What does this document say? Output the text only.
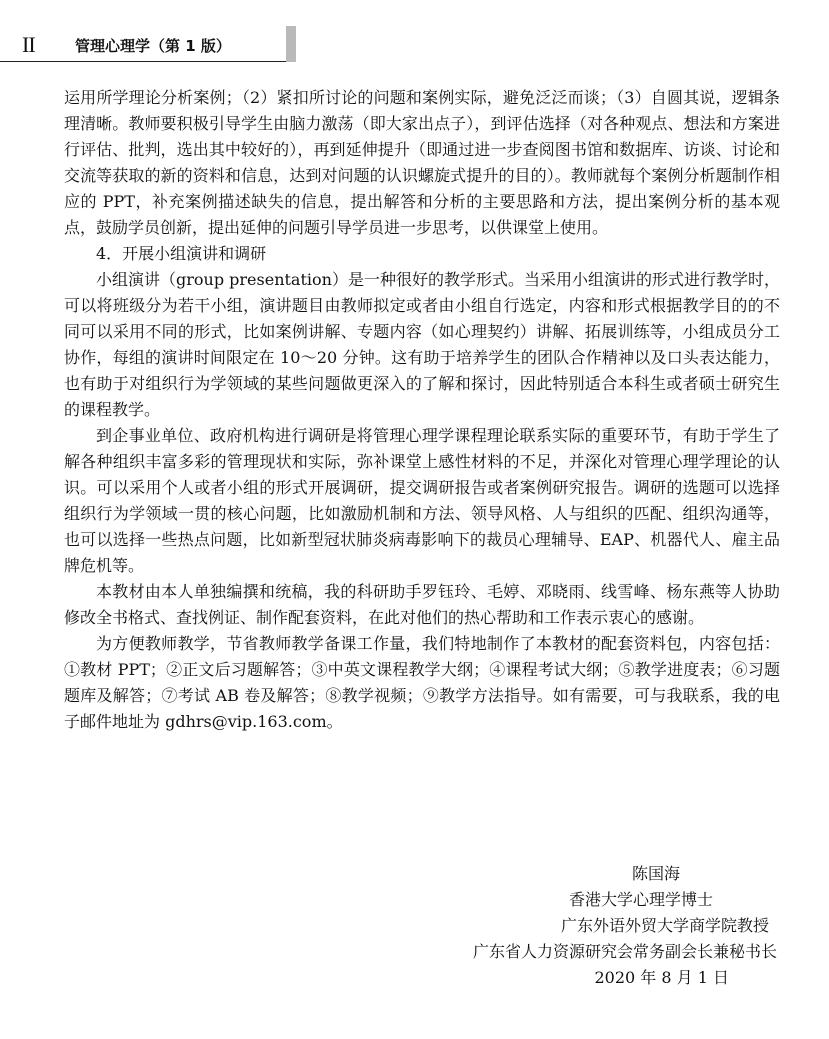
II	管理心理学（第 1 版）

运用所学理论分析案例；（2）紧扣所讨论的问题和案例实际，避免泛泛而谈；（3）自圆其说，逻辑条理清晰。教师要积极引导学生由脑力激荡（即大家出点子），到评估选择（对各种观点、想法和方案进行评估、批判，选出其中较好的），再到延伸提升（即通过进一步查阅图书馆和数据库、访谈、讨论和交流等获取的新的资料和信息，达到对问题的认识螺旋式提升的目的）。教师就每个案例分析题制作相应的 PPT，补充案例描述缺失的信息，提出解答和分析的主要思路和方法，提出案例分析的基本观点，鼓励学员创新，提出延伸的问题引导学员进一步思考，以供课堂上使用。

4．开展小组演讲和调研

小组演讲（group presentation）是一种很好的教学形式。当采用小组演讲的形式进行教学时，可以将班级分为若干小组，演讲题目由教师拟定或者由小组自行选定，内容和形式根据教学目的的不同可以采用不同的形式，比如案例讲解、专题内容（如心理契约）讲解、拓展训练等，小组成员分工协作，每组的演讲时间限定在 10～20 分钟。这有助于培养学生的团队合作精神以及口头表达能力，也有助于对组织行为学领域的某些问题做更深入的了解和探讨，因此特别适合本科生或者硕士研究生的课程教学。

到企事业单位、政府机构进行调研是将管理心理学课程理论联系实际的重要环节，有助于学生了解各种组织丰富多彩的管理现状和实际，弥补课堂上感性材料的不足，并深化对管理心理学理论的认识。可以采用个人或者小组的形式开展调研，提交调研报告或者案例研究报告。调研的选题可以选择组织行为学领域一贯的核心问题，比如激励机制和方法、领导风格、人与组织的匹配、组织沟通等，也可以选择一些热点问题，比如新型冠状肺炎病毒影响下的裁员心理辅导、EAP、机器代人、雇主品牌危机等。

本教材由本人单独编撰和统稿，我的科研助手罗钰玲、毛婷、邓晓雨、线雪峰、杨东燕等人协助修改全书格式、查找例证、制作配套资料，在此对他们的热心帮助和工作表示衷心的感谢。

为方便教师教学，节省教师教学备课工作量，我们特地制作了本教材的配套资料包，内容包括：①教材 PPT；②正文后习题解答；③中英文课程教学大纲；④课程考试大纲；⑤教学进度表；⑥习题题库及解答；⑦考试 AB 卷及解答；⑧教学视频；⑨教学方法指导。如有需要，可与我联系，我的电子邮件地址为 gdhrs@vip.163.com。

陈国海
香港大学心理学博士
广东外语外贸大学商学院教授
广东省人力资源研究会常务副会长兼秘书长
2020 年 8 月 1 日
